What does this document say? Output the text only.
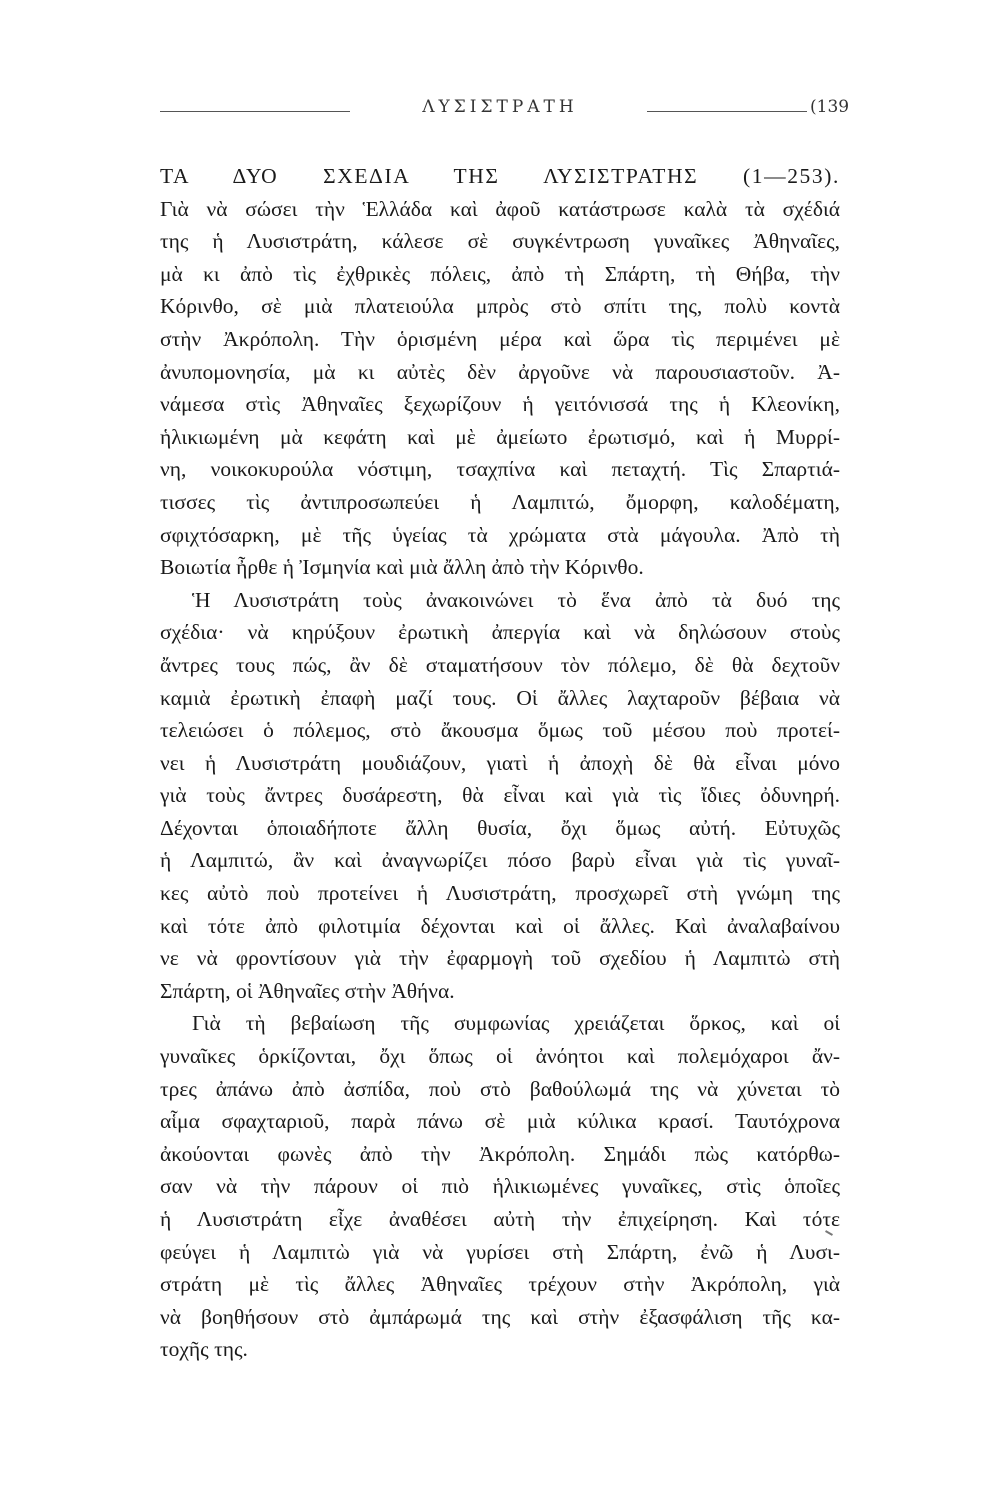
ΛΥΣΙΣΤΡΑΤΗ	(139
ΤΑ ΔΥΟ ΣΧΕΔΙΑ ΤΗΣ ΛΥΣΙΣΤΡΑΤΗΣ (1—253).
Γιὰ νὰ σώσει τὴν Ἑλλάδα καὶ ἀφοῦ κατάστρωσε καλὰ τὰ σχέδιά
της ἡ Λυσιστράτη, κάλεσε σὲ συγκέντρωση γυναῖκες Ἀθηναῖες,
μὰ κι ἀπὸ τὶς ἐχθρικὲς πόλεις, ἀπὸ τὴ Σπάρτη, τὴ Θήβα, τὴν
Κόρινθο, σὲ μιὰ πλατειούλα μπρὸς στὸ σπίτι της, πολὺ κοντὰ
στὴν Ἀκρόπολη. Τὴν ὁρισμένη μέρα καὶ ὥρα τὶς περιμένει μὲ
ἀνυπομονησία, μὰ κι αὐτὲς δὲν ἀργοῦνε νὰ παρουσιαστοῦν. Ἀ-
νάμεσα στὶς Ἀθηναῖες ξεχωρίζουν ἡ γειτόνισσά της ἡ Κλεονίκη,
ἡλικιωμένη μὰ κεφάτη καὶ μὲ ἀμείωτο ἐρωτισμό, καὶ ἡ Μυρρί-
νη, νοικοκυρούλα νόστιμη, τσαχπίνα καὶ πεταχτή. Τὶς Σπαρτιά-
τισσες τὶς ἀντιπροσωπεύει ἡ Λαμπιτώ, ὄμορφη, καλοδέματη,
σφιχτόσαρκη, μὲ τῆς ὑγείας τὰ χρώματα στὰ μάγουλα. Ἀπὸ τὴ
Βοιωτία ἦρθε ἡ Ἰσμηνία καὶ μιὰ ἄλλη ἀπὸ τὴν Κόρινθο.
Ἡ Λυσιστράτη τοὺς ἀνακοινώνει τὸ ἕνα ἀπὸ τὰ δυό της
σχέδια· νὰ κηρύξουν ἐρωτικὴ ἀπεργία καὶ νὰ δηλώσουν στοὺς
ἄντρες τους πώς, ἂν δὲ σταματήσουν τὸν πόλεμο, δὲ θὰ δεχτοῦν
καμιὰ ἐρωτικὴ ἐπαφὴ μαζί τους. Οἱ ἄλλες λαχταροῦν βέβαια νὰ
τελειώσει ὁ πόλεμος, στὸ ἄκουσμα ὅμως τοῦ μέσου ποὺ προτεί-
νει ἡ Λυσιστράτη μουδιάζουν, γιατὶ ἡ ἀποχὴ δὲ θὰ εἶναι μόνο
γιὰ τοὺς ἄντρες δυσάρεστη, θὰ εἶναι καὶ γιὰ τὶς ἴδιες ὀδυνηρή.
Δέχονται ὁποιαδήποτε ἄλλη θυσία, ὄχι ὅμως αὐτή. Εὐτυχῶς
ἡ Λαμπιτώ, ἂν καὶ ἀναγνωρίζει πόσο βαρὺ εἶναι γιὰ τὶς γυναῖ-
κες αὐτὸ ποὺ προτείνει ἡ Λυσιστράτη, προσχωρεῖ στὴ γνώμη της
καὶ τότε ἀπὸ φιλοτιμία δέχονται καὶ οἱ ἄλλες. Καὶ ἀναλαβαίνου
νε νὰ φροντίσουν γιὰ τὴν ἐφαρμογὴ τοῦ σχεδίου ἡ Λαμπιτὼ στὴ
Σπάρτη, οἱ Ἀθηναῖες στὴν Ἀθήνα.
Γιὰ τὴ βεβαίωση τῆς συμφωνίας χρειάζεται ὅρκος, καὶ οἱ
γυναῖκες ὁρκίζονται, ὄχι ὅπως οἱ ἀνόητοι καὶ πολεμόχαροι ἄν-
τρες ἀπάνω ἀπὸ ἀσπίδα, ποὺ στὸ βαθούλωμά της νὰ χύνεται τὸ
αἷμα σφαχταριοῦ, παρὰ πάνω σὲ μιὰ κύλικα κρασί. Ταυτόχρονα
ἀκούονται φωνὲς ἀπὸ τὴν Ἀκρόπολη. Σημάδι πὼς κατόρθω-
σαν νὰ τὴν πάρουν οἱ πιὸ ἡλικιωμένες γυναῖκες, στὶς ὁποῖες
ἡ Λυσιστράτη εἶχε ἀναθέσει αὐτὴ τὴν ἐπιχείρηση. Καὶ τότε
φεύγει ἡ Λαμπιτὼ γιὰ νὰ γυρίσει στὴ Σπάρτη, ἐνῶ ἡ Λυσι-
στράτη μὲ τὶς ἄλλες Ἀθηναῖες τρέχουν στὴν Ἀκρόπολη, γιὰ
νὰ βοηθήσουν στὸ ἀμπάρωμά της καὶ στὴν ἐξασφάλιση τῆς κα-
τοχῆς της.
